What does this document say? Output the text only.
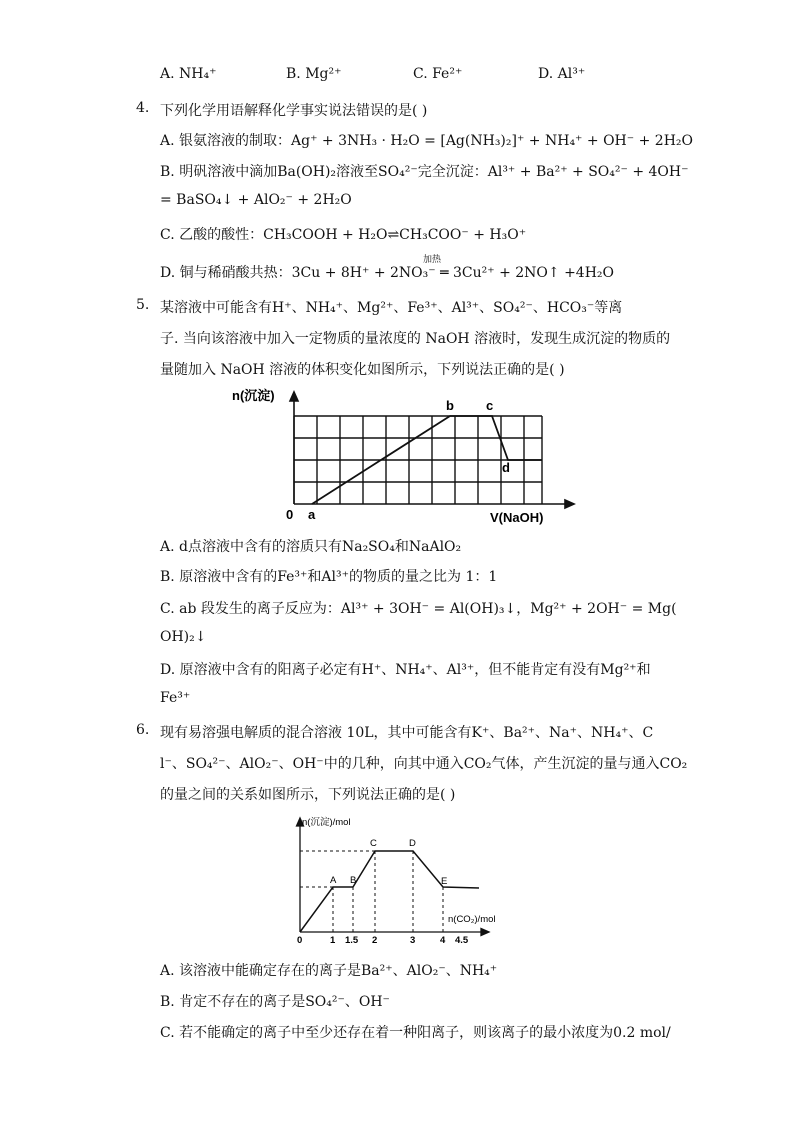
A. NH₄⁺	B. Mg²⁺	C. Fe²⁺	D. Al³⁺
4. 下列化学用语解释化学事实说法错误的是( )
A. 银氨溶液的制取：Ag⁺ + 3NH₃ · H₂O = [Ag(NH₃)₂]⁺ + NH₄⁺ + OH⁻ + 2H₂O
B. 明矾溶液中滴加Ba(OH)₂溶液至SO₄²⁻完全沉淀：Al³⁺ + Ba²⁺ + SO₄²⁻ + 4OH⁻
= BaSO₄↓ + AlO₂⁻ + 2H₂O
C. 乙酸的酸性：CH₃COOH + H₂O⇌CH₃COO⁻ + H₃O⁺
D. 铜与稀硝酸共热：3Cu + 8H⁺ + 2NO₃⁻ ═ 3Cu²⁺ + 2NO↑ +4H₂O
加热
5. 某溶液中可能含有H⁺、NH₄⁺、Mg²⁺、Fe³⁺、Al³⁺、SO₄²⁻、HCO₃⁻等离
子. 当向该溶液中加入一定物质的量浓度的 NaOH 溶液时，发现生成沉淀的物质的
量随加入 NaOH 溶液的体积变化如图所示，下列说法正确的是( )
n(沉淀)
V(NaOH)
0 a
b c
d
A. d点溶液中含有的溶质只有Na₂SO₄和NaAlO₂
B. 原溶液中含有的Fe³⁺和Al³⁺的物质的量之比为 1：1
C. ab 段发生的离子反应为：Al³⁺ + 3OH⁻ = Al(OH)₃↓，Mg²⁺ + 2OH⁻ = Mg(
OH)₂↓
D. 原溶液中含有的阳离子必定有H⁺、NH₄⁺、Al³⁺，但不能肯定有没有Mg²⁺和
Fe³⁺
6. 现有易溶强电解质的混合溶液 10L，其中可能含有K⁺、Ba²⁺、Na⁺、NH₄⁺、C
l⁻、SO₄²⁻、AlO₂⁻、OH⁻中的几种，向其中通入CO₂气体，产生沉淀的量与通入CO₂
的量之间的关系如图所示，下列说法正确的是( )
n(沉淀)/mol
n(CO₂)/mol
A B
C	D
E
0	1 1.5 2	3	4 4.5
A. 该溶液中能确定存在的离子是Ba²⁺、AlO₂⁻、NH₄⁺
B. 肯定不存在的离子是SO₄²⁻、OH⁻
C. 若不能确定的离子中至少还存在着一种阳离子，则该离子的最小浓度为0.2 mol/
